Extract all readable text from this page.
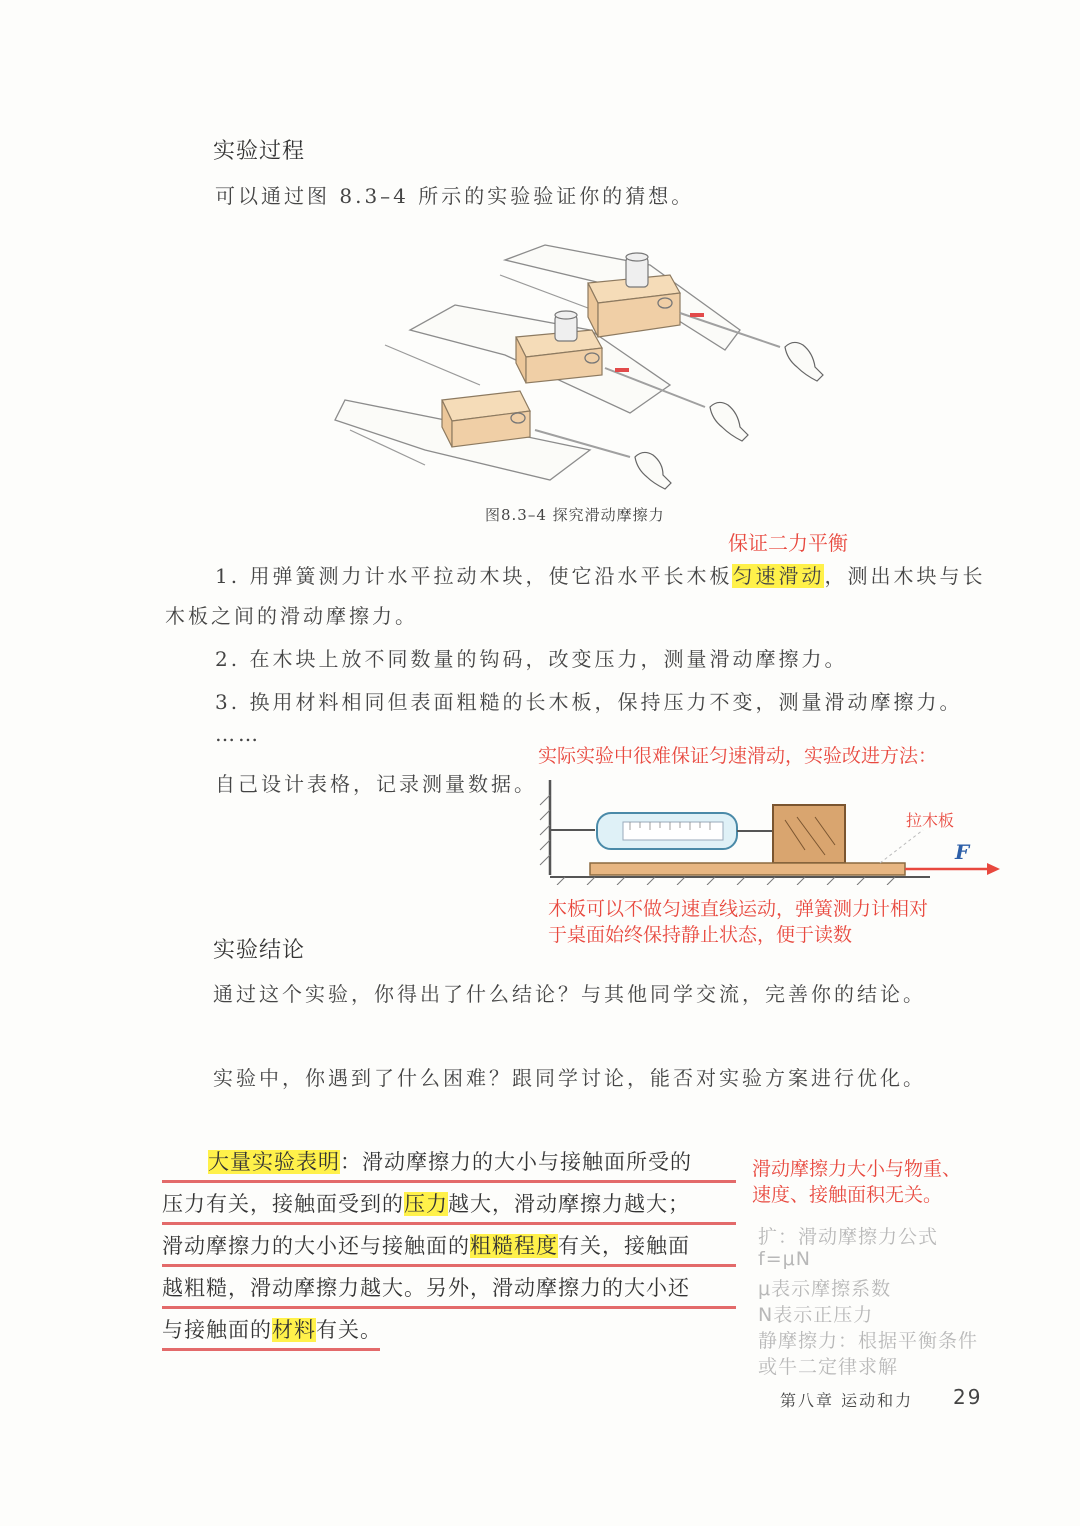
实验过程
可以通过图 8.3–4 所示的实验验证你的猜想。
图8.3–4 探究滑动摩擦力
保证二力平衡
1. 用弹簧测力计水平拉动木块，使它沿水平长木板匀速滑动，测出木块与长
木板之间的滑动摩擦力。
2. 在木块上放不同数量的钩码，改变压力，测量滑动摩擦力。
3. 换用材料相同但表面粗糙的长木板，保持压力不变，测量滑动摩擦力。
……
实际实验中很难保证匀速滑动，实验改进方法：
自己设计表格，记录测量数据。
拉木板
F
木板可以不做匀速直线运动，弹簧测力计相对
于桌面始终保持静止状态，便于读数
实验结论
通过这个实验，你得出了什么结论？与其他同学交流，完善你的结论。
实验中，你遇到了什么困难？跟同学讨论，能否对实验方案进行优化。
大量实验表明：滑动摩擦力的大小与接触面所受的
压力有关，接触面受到的压力越大，滑动摩擦力越大；
滑动摩擦力的大小还与接触面的粗糙程度有关，接触面
越粗糙，滑动摩擦力越大。另外，滑动摩擦力的大小还
与接触面的材料有关。
滑动摩擦力大小与物重、
速度、接触面积无关。
扩：滑动摩擦力公式
f=μN
μ表示摩擦系数
N表示正压力
静摩擦力：根据平衡条件
或牛二定律求解
第八章 运动和力 29
